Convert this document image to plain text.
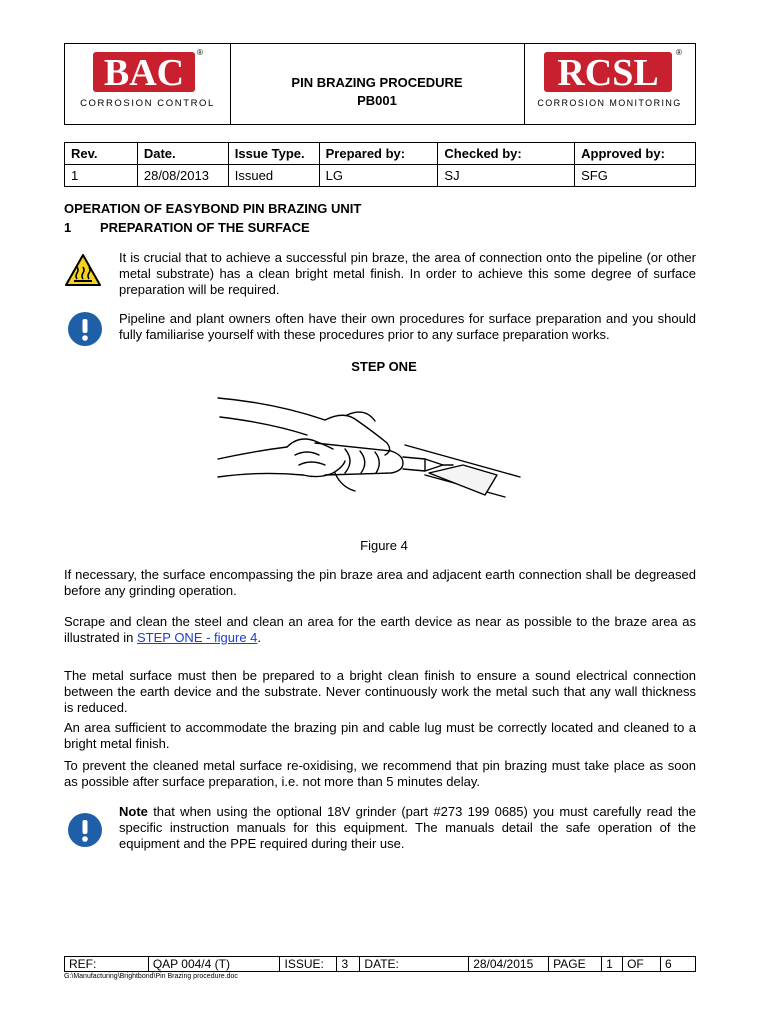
BAC	®
CORROSION CONTROL
PIN BRAZING PROCEDURE
PB001
RCSL	®
CORROSION MONITORING
Rev.	Date.	Issue Type.	Prepared by:	Checked by:	Approved by:
1	28/08/2013	Issued	LG	SJ	SFG
OPERATION OF EASYBOND PIN BRAZING UNIT
1 PREPARATION OF THE SURFACE
It is crucial that to achieve a successful pin braze, the area of connection onto the pipeline (or other metal substrate) has a clean bright metal finish. In order to achieve this some degree of surface preparation will be required.
Pipeline and plant owners often have their own procedures for surface preparation and you should fully familiarise yourself with these procedures prior to any surface preparation works.
STEP ONE
Figure 4
If necessary, the surface encompassing the pin braze area and adjacent earth connection shall be degreased before any grinding operation.
Scrape and clean the steel and clean an area for the earth device as near as possible to the braze area as illustrated in STEP ONE - figure 4.
The metal surface must then be prepared to a bright clean finish to ensure a sound electrical connection between the earth device and the substrate. Never continuously work the metal such that any wall thickness is reduced.
An area sufficient to accommodate the brazing pin and cable lug must be correctly located and cleaned to a bright metal finish.
To prevent the cleaned metal surface re-oxidising, we recommend that pin brazing must take place as soon as possible after surface preparation, i.e. not more than 5 minutes delay.
Note that when using the optional 18V grinder (part #273 199 0685) you must carefully read the specific instruction manuals for this equipment. The manuals detail the safe operation of the equipment and the PPE required during their use.
REF:	QAP 004/4 (T)	ISSUE:	3	DATE:	28/04/2015	PAGE	1	OF	6
G:\Manufacturing\Brightbond\Pin Brazing procedure.doc
